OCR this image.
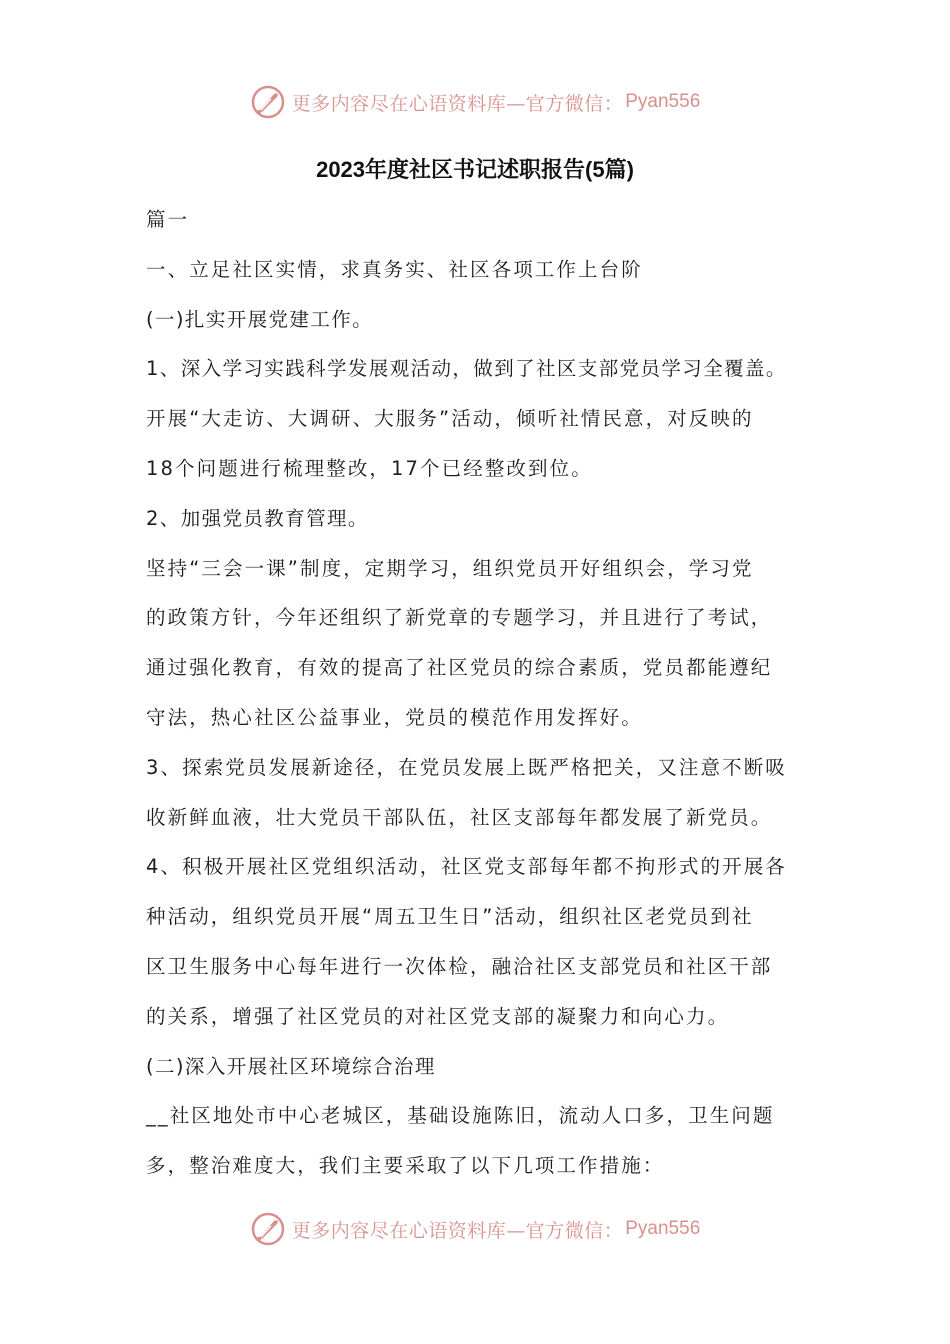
更多内容尽在心语资料库—官方微信： Pyan556
2023年度社区书记述职报告(5篇)
篇一
一、立足社区实情，求真务实、社区各项工作上台阶
(一)扎实开展党建工作。
1、深入学习实践科学发展观活动，做到了社区支部党员学习全覆盖。
开展“大走访、大调研、大服务”活动，倾听社情民意，对反映的
18个问题进行梳理整改，17个已经整改到位。
2、加强党员教育管理。
坚持“三会一课”制度，定期学习，组织党员开好组织会，学习党
的政策方针，今年还组织了新党章的专题学习，并且进行了考试，
通过强化教育，有效的提高了社区党员的综合素质，党员都能遵纪
守法，热心社区公益事业，党员的模范作用发挥好。
3、探索党员发展新途径，在党员发展上既严格把关，又注意不断吸
收新鲜血液，壮大党员干部队伍，社区支部每年都发展了新党员。
4、积极开展社区党组织活动，社区党支部每年都不拘形式的开展各
种活动，组织党员开展“周五卫生日”活动，组织社区老党员到社
区卫生服务中心每年进行一次体检，融洽社区支部党员和社区干部
的关系，增强了社区党员的对社区党支部的凝聚力和向心力。
(二)深入开展社区环境综合治理
__社区地处市中心老城区，基础设施陈旧，流动人口多，卫生问题
多，整治难度大，我们主要采取了以下几项工作措施：
更多内容尽在心语资料库—官方微信： Pyan556
